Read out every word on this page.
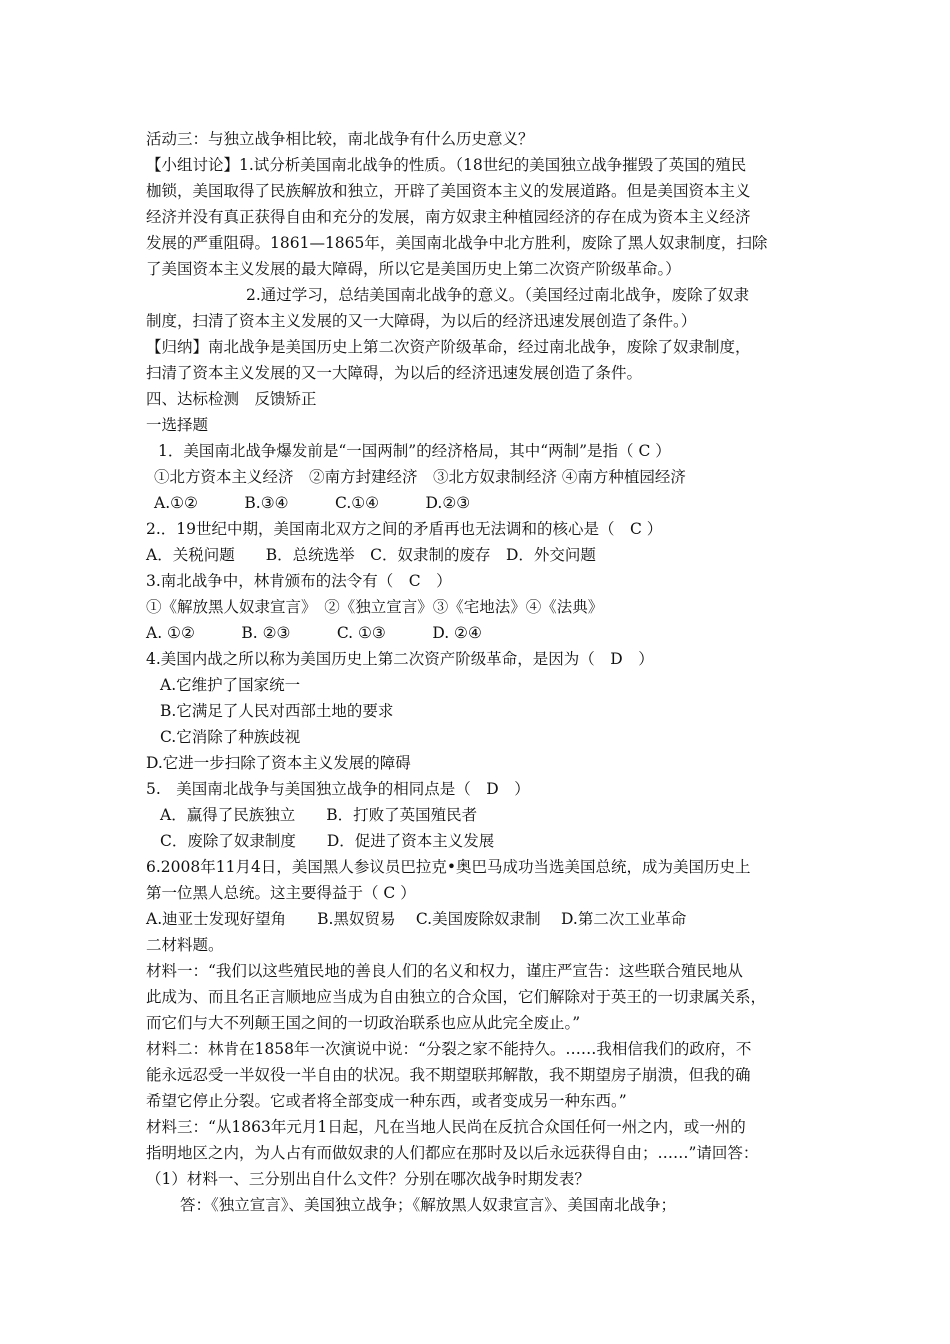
活动三：与独立战争相比较，南北战争有什么历史意义？
【小组讨论】1.试分析美国南北战争的性质。（18世纪的美国独立战争摧毁了英国的殖民
枷锁，美国取得了民族解放和独立，开辟了美国资本主义的发展道路。但是美国资本主义
经济并没有真正获得自由和充分的发展，南方奴隶主种植园经济的存在成为资本主义经济
发展的严重阻碍。1861—1865年，美国南北战争中北方胜利，废除了黑人奴隶制度，扫除
了美国资本主义发展的最大障碍，所以它是美国历史上第二次资产阶级革命。）
2.通过学习，总结美国南北战争的意义。（美国经过南北战争，废除了奴隶
制度，扫清了资本主义发展的又一大障碍，为以后的经济迅速发展创造了条件。）
【归纳】南北战争是美国历史上第二次资产阶级革命，经过南北战争，废除了奴隶制度，
扫清了资本主义发展的又一大障碍，为以后的经济迅速发展创造了条件。
四、达标检测　反馈矫正
一选择题
1．美国南北战争爆发前是“一国两制”的经济格局，其中“两制”是指（ C ）
①北方资本主义经济　②南方封建经济　③北方奴隶制经济 ④南方种植园经济
A.①②　　　B.③④　　　C.①④　　　D.②③
2.．19世纪中期，美国南北双方之间的矛盾再也无法调和的核心是（　C ）
A．关税问题　　B．总统选举　C．奴隶制的废存　D．外交问题
3.南北战争中，林肯颁布的法令有（　C　）
①《解放黑人奴隶宣言》　②《独立宣言》③《宅地法》④《法典》
A. ①②　　　B. ②③　　　C. ①③　　　D. ②④
4.美国内战之所以称为美国历史上第二次资产阶级革命，是因为（　D　）
A.它维护了国家统一
B.它满足了人民对西部土地的要求
C.它消除了种族歧视
D.它进一步扫除了资本主义发展的障碍
5.　美国南北战争与美国独立战争的相同点是（　D　）
A．赢得了民族独立　　B．打败了英国殖民者
C．废除了奴隶制度　　D．促进了资本主义发展
6.2008年11月4日，美国黑人参议员巴拉克•奥巴马成功当选美国总统，成为美国历史上
第一位黑人总统。这主要得益于（ C ）
A.迪亚士发现好望角　　B.黑奴贸易　 C.美国废除奴隶制　 D.第二次工业革命
二材料题。
材料一：“我们以这些殖民地的善良人们的名义和权力，谨庄严宣告：这些联合殖民地从
此成为、而且名正言顺地应当成为自由独立的合众国，它们解除对于英王的一切隶属关系，
而它们与大不列颠王国之间的一切政治联系也应从此完全废止。”
材料二：林肯在1858年一次演说中说：“分裂之家不能持久。……我相信我们的政府，不
能永远忍受一半奴役一半自由的状况。我不期望联邦解散，我不期望房子崩溃，但我的确
希望它停止分裂。它或者将全部变成一种东西，或者变成另一种东西。”
材料三：“从1863年元月1日起，凡在当地人民尚在反抗合众国任何一州之内，或一州的
指明地区之内，为人占有而做奴隶的人们都应在那时及以后永远获得自由；……”请回答：
（1）材料一、三分别出自什么文件？分别在哪次战争时期发表？
答：《独立宣言》、美国独立战争；《解放黑人奴隶宣言》、美国南北战争；
